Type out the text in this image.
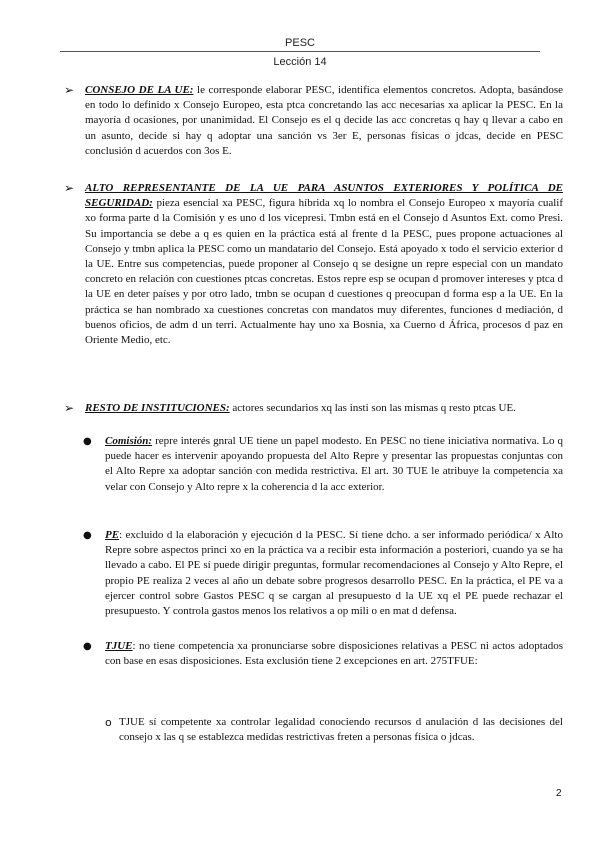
PESC
Lección 14
➢ CONSEJO DE LA UE: le corresponde elaborar PESC, identifica elementos concretos. Adopta, basándose en todo lo definido x Consejo Europeo, esta ptca concretando las acc necesarias xa aplicar la PESC. En la mayoría d ocasiones, por unanimidad. El Consejo es el q decide las acc concretas q hay q llevar a cabo en un asunto, decide si hay q adoptar una sanción vs 3er E, personas físicas o jdcas, decide en PESC conclusión d acuerdos con 3os E.
➢ ALTO REPRESENTANTE DE LA UE PARA ASUNTOS EXTERIORES Y POLÍTICA DE SEGURIDAD: pieza esencial xa PESC, figura híbrida xq lo nombra el Consejo Europeo x mayoría cualif xo forma parte d la Comisión y es uno d los vicepresi. Tmbn está en el Consejo d Asuntos Ext. como Presi. Su importancia se debe a q es quien en la práctica está al frente d la PESC, pues propone actuaciones al Consejo y tmbn aplica la PESC como un mandatario del Consejo. Está apoyado x todo el servicio exterior d la UE. Entre sus competencias, puede proponer al Consejo q se designe un repre especial con un mandato concreto en relación con cuestiones ptcas concretas. Estos repre esp se ocupan d promover intereses y ptca d la UE en deter países y por otro lado, tmbn se ocupan d cuestiones q preocupan d forma esp a la UE. En la práctica se han nombrado xa cuestiones concretas con mandatos muy diferentes, funciones d mediación, d buenos oficios, de adm d un terri. Actualmente hay uno xa Bosnia, xa Cuerno d África, procesos d paz en Oriente Medio, etc.
➢ RESTO DE INSTITUCIONES: actores secundarios xq las insti son las mismas q resto ptcas UE.
● Comisión: repre interés gnral UE tiene un papel modesto. En PESC no tiene iniciativa normativa. Lo q puede hacer es intervenir apoyando propuesta del Alto Repre y presentar las propuestas conjuntas con el Alto Repre xa adoptar sanción con medida restrictiva. El art. 30 TUE le atribuye la competencia xa velar con Consejo y Alto repre x la coherencia d la acc exterior.
● PE: excluido d la elaboración y ejecución d la PESC. Sí tiene dcho. a ser informado periódica/ x Alto Repre sobre aspectos princi xo en la práctica va a recibir esta información a posteriori, cuando ya se ha llevado a cabo. El PE sí puede dirigir preguntas, formular recomendaciones al Consejo y Alto Repre, el propio PE realiza 2 veces al año un debate sobre progresos desarrollo PESC. En la práctica, el PE va a ejercer control sobre Gastos PESC q se cargan al presupuesto d la UE xq el PE puede rechazar el presupuesto. Y controla gastos menos los relativos a op mili o en mat d defensa.
● TJUE: no tiene competencia xa pronunciarse sobre disposiciones relativas a PESC ni actos adoptados con base en esas disposiciones. Esta exclusión tiene 2 excepciones en art. 275TFUE:
o TJUE sí competente xa controlar legalidad conociendo recursos d anulación d las decisiones del consejo x las q se establezca medidas restrictivas freten a personas física o jdcas.
2
